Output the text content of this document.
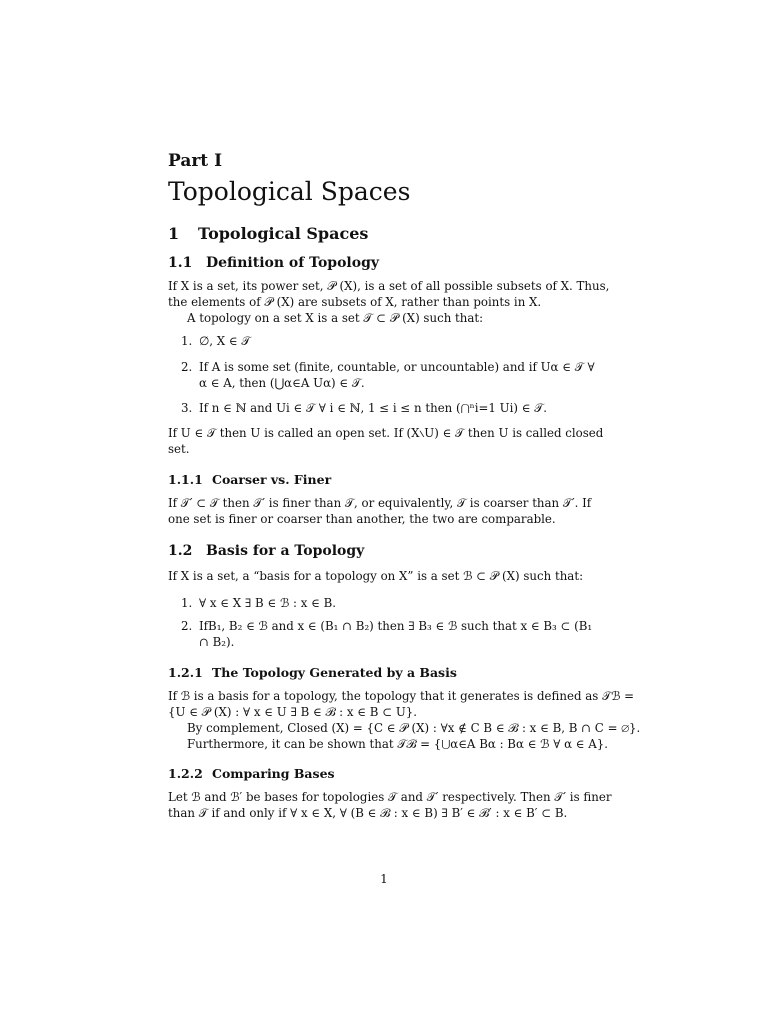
Part I
Topological Spaces
1 Topological Spaces
1.1 Definition of Topology

If X is a set, its power set, 𝒫 (X), is a set of all possible subsets of X. Thus,

the elements of 𝒫 (X) are subsets of X, rather than points in X.

A topology on a set X is a set 𝒯 ⊂ 𝒫 (X) such that:

1. ∅, X ∈ 𝒯
2. If A is some set (finite, countable, or uncountable) and if Uα ∈ 𝒯 ∀ α ∈ A, then (⋃α∈A Uα) ∈ 𝒯.
3. If n ∈ ℕ and Ui ∈ 𝒯 ∀ i ∈ ℕ, 1 ≤ i ≤ n then (⋂ⁿi=1 Ui) ∈ 𝒯.

If U ∈ 𝒯 then U is called an open set. If (X∖U) ∈ 𝒯 then U is called closed

set.

1.1.1 Coarser vs. Finer

If 𝒯′ ⊂ 𝒯 then 𝒯′ is finer than 𝒯, or equivalently, 𝒯 is coarser than 𝒯′. If

one set is finer or coarser than another, the two are comparable.

1.2 Basis for a Topology

If X is a set, a “basis for a topology on X” is a set ℬ ⊂ 𝒫 (X) such that:

1. ∀ x ∈ X ∃ B ∈ ℬ : x ∈ B.
2. IfB₁, B₂ ∈ ℬ and x ∈ (B₁ ∩ B₂) then ∃ B₃ ∈ ℬ such that x ∈ B₃ ⊂ (B₁ ∩ B₂).
1.2.1 The Topology Generated by a Basis

If ℬ is a basis for a topology, the topology that it generates is defined as 𝒯ℬ =

{U ∈ 𝒫 (X) : ∀ x ∈ U ∃ B ∈ ℬ : x ∈ B ⊂ U}.

By complement, Closed (X) = {C ∈ 𝒫 (X) : ∀x ∉ C B ∈ ℬ : x ∈ B, B ∩ C = ∅}.

Furthermore, it can be shown that 𝒯ℬ = {⋃α∈A Bα : Bα ∈ ℬ ∀ α ∈ A}.

1.2.2 Comparing Bases

Let ℬ and ℬ′ be bases for topologies 𝒯 and 𝒯′ respectively. Then 𝒯′ is finer

than 𝒯 if and only if ∀ x ∈ X, ∀ (B ∈ ℬ : x ∈ B) ∃ B′ ∈ ℬ′ : x ∈ B′ ⊂ B.

1
